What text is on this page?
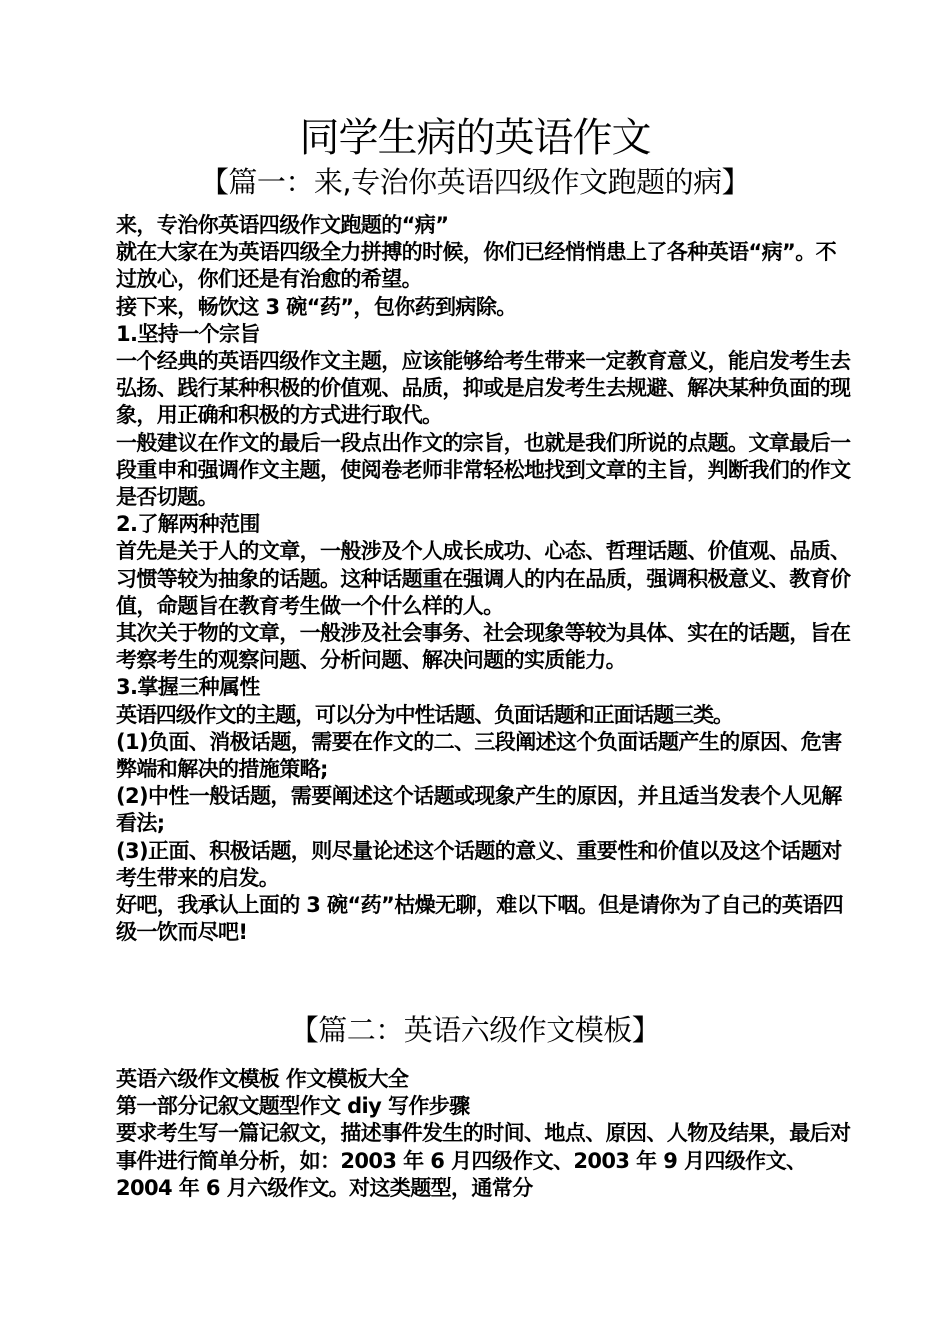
同学生病的英语作文
【篇一：来,专治你英语四级作文跑题的病】

来，专治你英语四级作文跑题的“病”

就在大家在为英语四级全力拼搏的时候，你们已经悄悄患上了各种英语“病”。不过放心，你们还是有治愈的希望。

接下来，畅饮这 3 碗“药”，包你药到病除。

1.坚持一个宗旨

一个经典的英语四级作文主题，应该能够给考生带来一定教育意义，能启发考生去弘扬、践行某种积极的价值观、品质，抑或是启发考生去规避、解决某种负面的现象，用正确和积极的方式进行取代。

一般建议在作文的最后一段点出作文的宗旨，也就是我们所说的点题。文章最后一段重申和强调作文主题，使阅卷老师非常轻松地找到文章的主旨，判断我们的作文是否切题。

2.了解两种范围

首先是关于人的文章，一般涉及个人成长成功、心态、哲理话题、价值观、品质、习惯等较为抽象的话题。这种话题重在强调人的内在品质，强调积极意义、教育价值，命题旨在教育考生做一个什么样的人。

其次关于物的文章，一般涉及社会事务、社会现象等较为具体、实在的话题，旨在考察考生的观察问题、分析问题、解决问题的实质能力。

3.掌握三种属性

英语四级作文的主题，可以分为中性话题、负面话题和正面话题三类。

(1)负面、消极话题，需要在作文的二、三段阐述这个负面话题产生的原因、危害弊端和解决的措施策略;

(2)中性一般话题，需要阐述这个话题或现象产生的原因，并且适当发表个人见解看法;

(3)正面、积极话题，则尽量论述这个话题的意义、重要性和价值以及这个话题对考生带来的启发。

好吧，我承认上面的 3 碗“药”枯燥无聊，难以下咽。但是请你为了自己的英语四级一饮而尽吧!

【篇二：英语六级作文模板】

英语六级作文模板 作文模板大全

第一部分记叙文题型作文 diy 写作步骤

要求考生写一篇记叙文，描述事件发生的时间、地点、原因、人物及结果，最后对事件进行简单分析，如：2003 年 6 月四级作文、2003 年 9 月四级作文、2004 年 6 月六级作文。对这类题型，通常分
